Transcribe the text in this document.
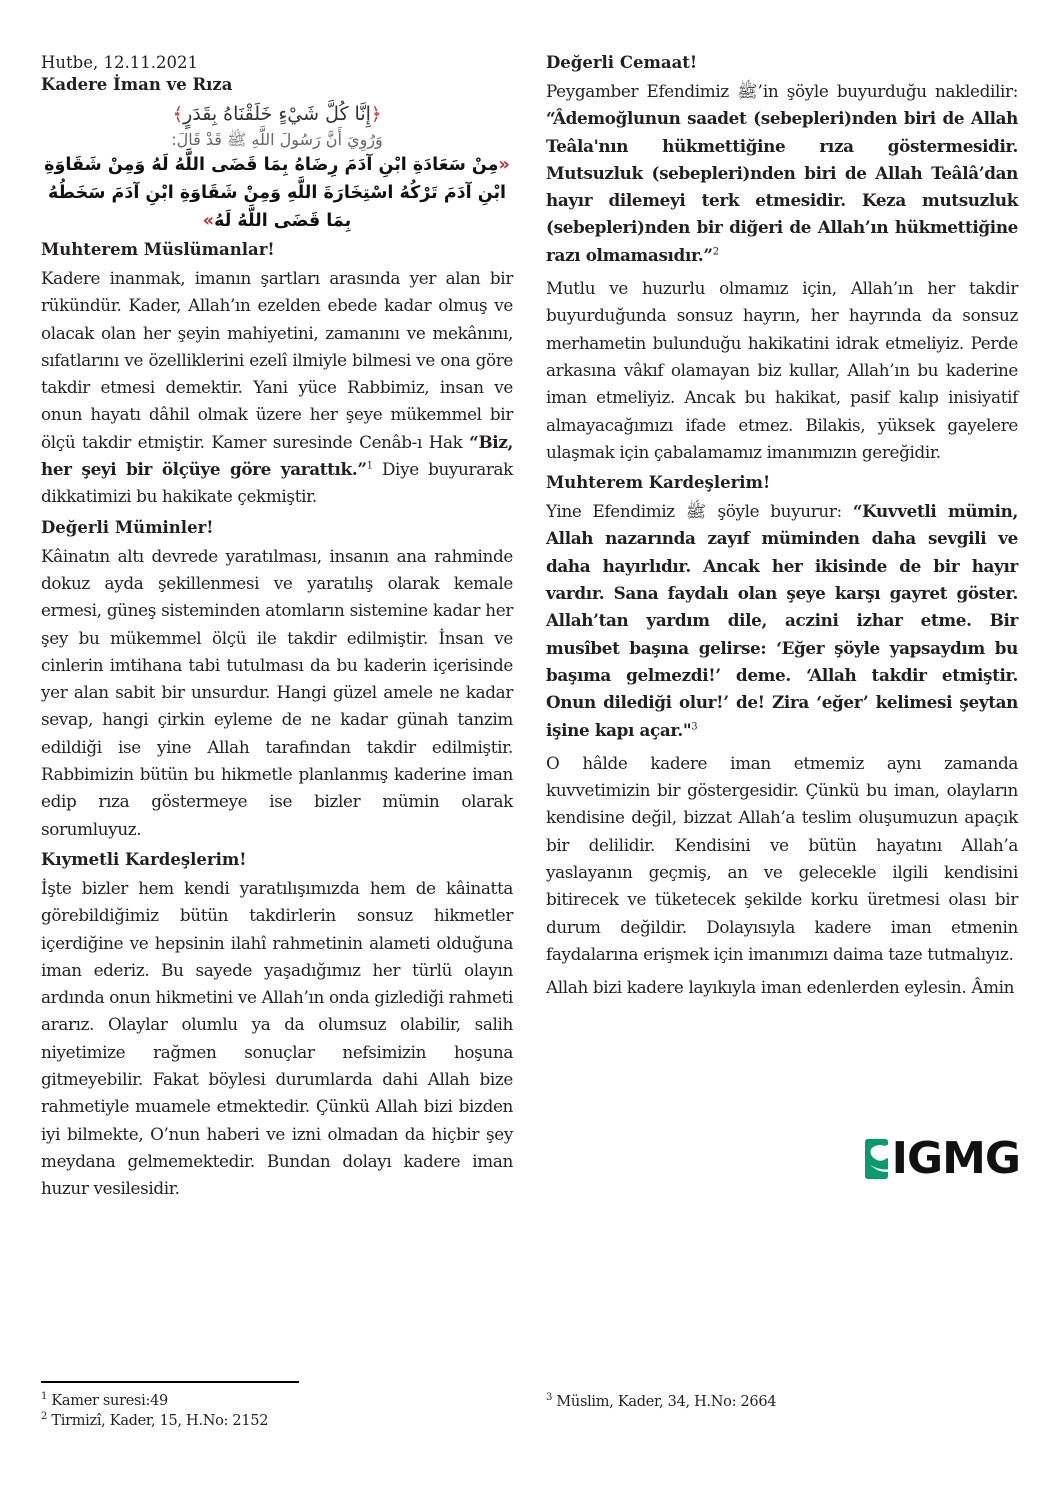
Hutbe, 12.11.2021

Kadere İman ve Rıza

﴿إِنَّا كُلَّ شَيْءٍ خَلَقْنَاهُ بِقَدَرٍ﴾

وَرُوِيَ أَنَّ رَسُولَ اللَّهِ ﷺ قَدْ قَالَ:

«مِنْ سَعَادَةِ ابْنِ آدَمَ رِضَاهُ بِمَا قَضَى اللَّهُ لَهُ وَمِنْ شَقَاوَةِ ابْنِ آدَمَ تَرْكُهُ اسْتِخَارَةَ اللَّهِ وَمِنْ شَقَاوَةِ ابْنِ آدَمَ سَخَطُهُ بِمَا قَضَى اللَّهُ لَهُ»

Muhterem Müslümanlar!

Kadere inanmak, imanın şartları arasında yer alan bir rükündür. Kader, Allah’ın ezelden ebede kadar olmuş ve olacak olan her şeyin mahiyetini, zamanını ve mekânını, sıfatlarını ve özelliklerini ezelî ilmiyle bilmesi ve ona göre takdir etmesi demektir. Yani yüce Rabbimiz, insan ve onun hayatı dâhil olmak üzere her şeye mükemmel bir ölçü takdir etmiştir. Kamer suresinde Cenâb-ı Hak “Biz, her şeyi bir ölçüye göre yarattık.”$^1$ Diye buyurarak dikkatimizi bu hakikate çekmiştir.

Değerli Müminler!

Kâinatın altı devrede yaratılması, insanın ana rahminde dokuz ayda şekillenmesi ve yaratılış olarak kemale ermesi, güneş sisteminden atomların sistemine kadar her şey bu mükemmel ölçü ile takdir edilmiştir. İnsan ve cinlerin imtihana tabi tutulması da bu kaderin içerisinde yer alan sabit bir unsurdur. Hangi güzel amele ne kadar sevap, hangi çirkin eyleme de ne kadar günah tanzim edildiği ise yine Allah tarafından takdir edilmiştir. Rabbimizin bütün bu hikmetle planlanmış kaderine iman edip rıza göstermeye ise bizler mümin olarak sorumluyuz.

Kıymetli Kardeşlerim!

İşte bizler hem kendi yaratılışımızda hem de kâinatta görebildiğimiz bütün takdirlerin sonsuz hikmetler içerdiğine ve hepsinin ilahî rahmetinin alameti olduğuna iman ederiz. Bu sayede yaşadığımız her türlü olayın ardında onun hikmetini ve Allah’ın onda gizlediği rahmeti ararız. Olaylar olumlu ya da olumsuz olabilir, salih niyetimize rağmen sonuçlar nefsimizin hoşuna gitmeyebilir. Fakat böylesi durumlarda dahi Allah bize rahmetiyle muamele etmektedir. Çünkü Allah bizi bizden iyi bilmekte, O’nun haberi ve izni olmadan da hiçbir şey meydana gelmemektedir. Bundan dolayı kadere iman huzur vesilesidir.

Değerli Cemaat!

Peygamber Efendimiz ﷺ’in şöyle buyurduğu nakledilir: “Âdemoğlunun saadet (sebepleri)nden biri de Allah Teâla'nın hükmettiğine rıza göstermesidir. Mutsuzluk (sebepleri)nden biri de Allah Teâlâ’dan hayır dilemeyi terk etmesidir. Keza mutsuzluk (sebepleri)nden bir diğeri de Allah’ın hükmettiğine razı olmamasıdır.”$^2$

Mutlu ve huzurlu olmamız için, Allah’ın her takdir buyurduğunda sonsuz hayrın, her hayrında da sonsuz merhametin bulunduğu hakikatini idrak etmeliyiz. Perde arkasına vâkıf olamayan biz kullar, Allah’ın bu kaderine iman etmeliyiz. Ancak bu hakikat, pasif kalıp inisiyatif almayacağımızı ifade etmez. Bilakis, yüksek gayelere ulaşmak için çabalamamız imanımızın gereğidir.

Muhterem Kardeşlerim!

Yine Efendimiz ﷺ şöyle buyurur: “Kuvvetli mümin, Allah nazarında zayıf müminden daha sevgili ve daha hayırlıdır. Ancak her ikisinde de bir hayır vardır. Sana faydalı olan şeye karşı gayret göster. Allah’tan yardım dile, aczini izhar etme. Bir musîbet başına gelirse: ‘Eğer şöyle yapsaydım bu başıma gelmezdi!’ deme. ‘Allah takdir etmiştir. Onun dilediği olur!’ de! Zira ‘eğer’ kelimesi şeytan işine kapı açar."$^3$

O hâlde kadere iman etmemiz aynı zamanda kuvvetimizin bir göstergesidir. Çünkü bu iman, olayların kendisine değil, bizzat Allah’a teslim oluşumuzun apaçık bir delilidir. Kendisini ve bütün hayatını Allah’a yaslayanın geçmiş, an ve gelecekle ilgili kendisini bitirecek ve tüketecek şekilde korku üretmesi olası bir durum değildir. Dolayısıyla kadere iman etmenin faydalarına erişmek için imanımızı daima taze tutmalıyız.

Allah bizi kadere layıkıyla iman edenlerden eylesin. Âmin

IGMG

$^1$ Kamer suresi:49

$^2$ Tirmizî, Kader, 15, H.No: 2152

$^3$ Müslim, Kader, 34, H.No: 2664
